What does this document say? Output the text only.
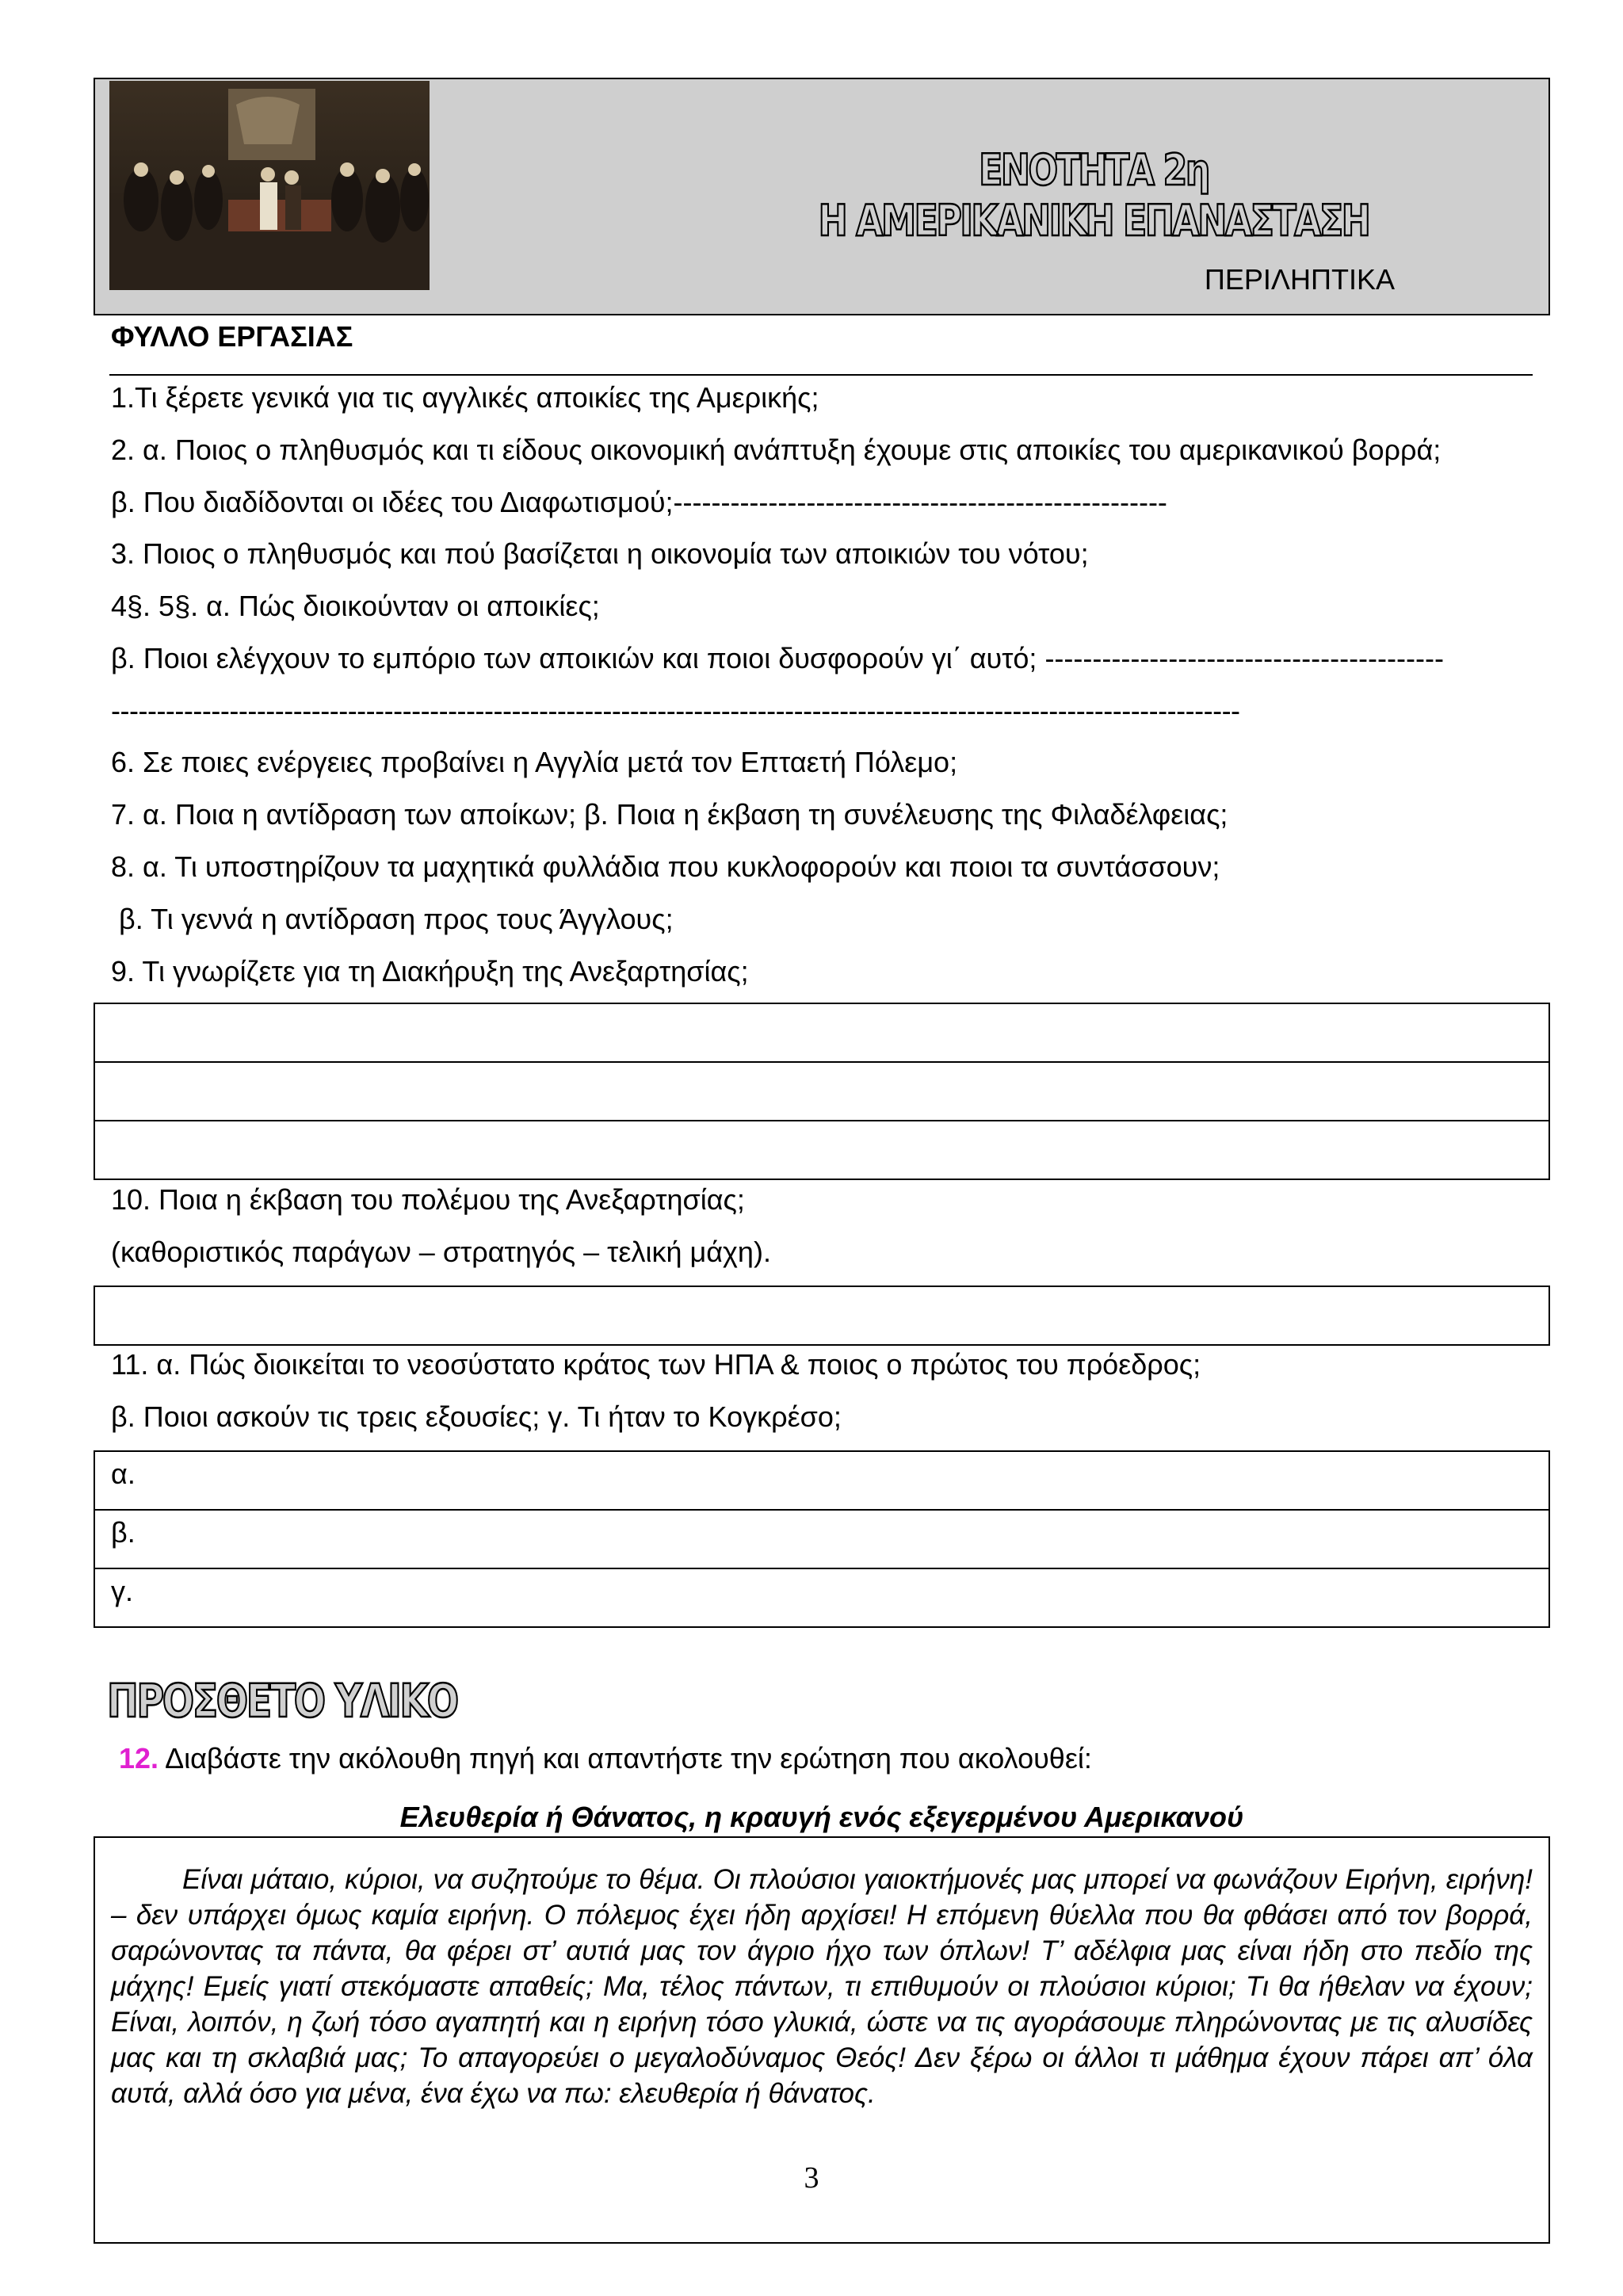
ΕΝΟΤΗΤΑ 2η
Η ΑΜΕΡΙΚΑΝΙΚΗ ΕΠΑΝΑΣΤΑΣΗ
ΠΕΡΙΛΗΠΤΙΚΑ
ΦΥΛΛΟ ΕΡΓΑΣΙΑΣ
1.Τι ξέρετε γενικά για τις αγγλικές αποικίες της Αμερικής;
2. α. Ποιος ο πληθυσμός και τι είδους οικονομική ανάπτυξη έχουμε στις αποικίες του αμερικανικού βορρά;
β. Που διαδίδονται οι ιδέες του Διαφωτισμού;----------------------------------------------------
3. Ποιος ο πληθυσμός και πού βασίζεται η οικονομία των αποικιών του νότου;
4§. 5§. α. Πώς διοικούνταν οι αποικίες;
β. Ποιοι ελέγχουν το εμπόριο των αποικιών και ποιοι δυσφορούν γι΄ αυτό; ------------------------------------------
----------------------------------------------------------------------------------------------------------------------------
6. Σε ποιες ενέργειες προβαίνει η Αγγλία μετά τον Επταετή Πόλεμο;
7. α. Ποια η αντίδραση των αποίκων; β. Ποια η έκβαση τη συνέλευσης της Φιλαδέλφειας;
8. α. Τι υποστηρίζουν τα μαχητικά φυλλάδια που κυκλοφορούν και ποιοι τα συντάσσουν;
β. Τι γεννά η αντίδραση προς τους Άγγλους;
9. Τι γνωρίζετε για τη Διακήρυξη της Ανεξαρτησίας;
10. Ποια η έκβαση του πολέμου της Ανεξαρτησίας;
(καθοριστικός παράγων – στρατηγός – τελική μάχη).
11. α. Πώς διοικείται το νεοσύστατο κράτος των ΗΠΑ & ποιος ο πρώτος του πρόεδρος;
β. Ποιοι ασκούν τις τρεις εξουσίες; γ. Τι ήταν το Κογκρέσο;
α.
β.
γ.
ΠΡΟΣΘΕΤΟ ΥΛΙΚΟ
12. Διαβάστε την ακόλουθη πηγή και απαντήστε την ερώτηση που ακολουθεί:
Ελευθερία ή Θάνατος, η κραυγή ενός εξεγερμένου Αμερικανού

Είναι μάταιο, κύριοι, να συζητούμε το θέμα. Οι πλούσιοι γαιοκτήμονές μας μπορεί να φωνάζουν Ειρήνη, ειρήνη! – δεν υπάρχει όμως καμία ειρήνη. Ο πόλεμος έχει ήδη αρχίσει! Η επόμενη θύελλα που θα φθάσει από τον βορρά, σαρώνοντας τα πάντα, θα φέρει στ’ αυτιά μας τον άγριο ήχο των όπλων! Τ’ αδέλφια μας είναι ήδη στο πεδίο της μάχης! Εμείς γιατί στεκόμαστε απαθείς; Μα, τέλος πάντων, τι επιθυμούν οι πλούσιοι κύριοι; Τι θα ήθελαν να έχουν; Είναι, λοιπόν, η ζωή τόσο αγαπητή και η ειρήνη τόσο γλυκιά, ώστε να τις αγοράσουμε πληρώνοντας με τις αλυσίδες μας και τη σκλαβιά μας; Το απαγορεύει ο μεγαλοδύναμος Θεός! Δεν ξέρω οι άλλοι τι μάθημα έχουν πάρει απ’ όλα αυτά, αλλά όσο για μένα, ένα έχω να πω: ελευθερία ή θάνατος.

3
